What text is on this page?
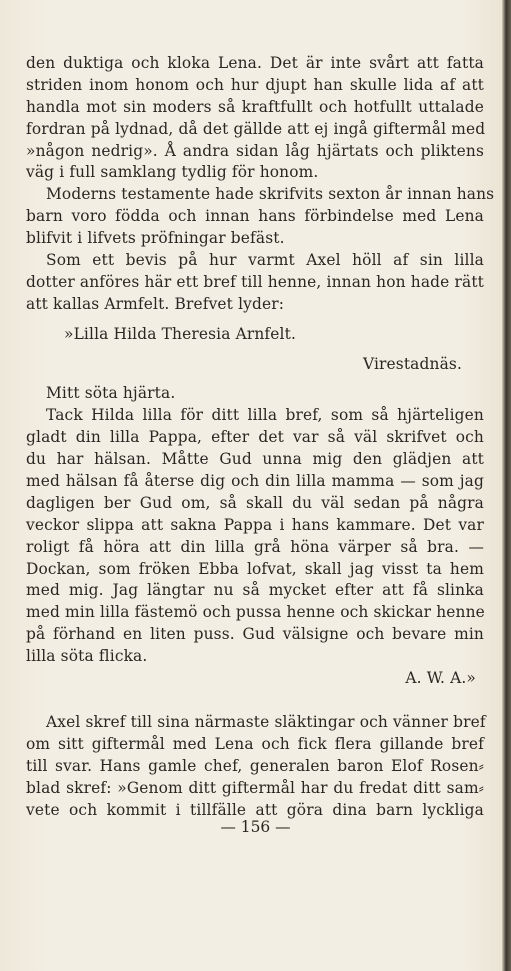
den duktiga och kloka Lena. Det är inte svårt att fatta
striden inom honom och hur djupt han skulle lida af att
handla mot sin moders så kraftfullt och hotfullt uttalade
fordran på lydnad, då det gällde att ej ingå giftermål med
»någon nedrig». Å andra sidan låg hjärtats och pliktens
väg i full samklang tydlig för honom.
Moderns testamente hade skrifvits sexton år innan hans
barn voro födda och innan hans förbindelse med Lena
blifvit i lifvets pröfningar befäst.
Som ett bevis på hur varmt Axel höll af sin lilla
dotter anföres här ett bref till henne, innan hon hade rätt
att kallas Armfelt. Brefvet lyder:
»Lilla Hilda Theresia Arnfelt.
Virestadnäs.
Mitt söta hjärta.
Tack Hilda lilla för ditt lilla bref, som så hjärteligen
gladt din lilla Pappa, efter det var så väl skrifvet och
du har hälsan. Måtte Gud unna mig den glädjen att
med hälsan få återse dig och din lilla mamma — som jag
dagligen ber Gud om, så skall du väl sedan på några
veckor slippa att sakna Pappa i hans kammare. Det var
roligt få höra att din lilla grå höna värper så bra. —
Dockan, som fröken Ebba lofvat, skall jag visst ta hem
med mig. Jag längtar nu så mycket efter att få slinka
med min lilla fästemö och pussa henne och skickar henne
på förhand en liten puss. Gud välsigne och bevare min
lilla söta flicka.
A. W. A.»
Axel skref till sina närmaste släktingar och vänner bref
om sitt giftermål med Lena och fick flera gillande bref
till svar. Hans gamle chef, generalen baron Elof Rosen⸗
blad skref: »Genom ditt giftermål har du fredat ditt sam⸗
vete och kommit i tillfälle att göra dina barn lyckliga
— 156 —
